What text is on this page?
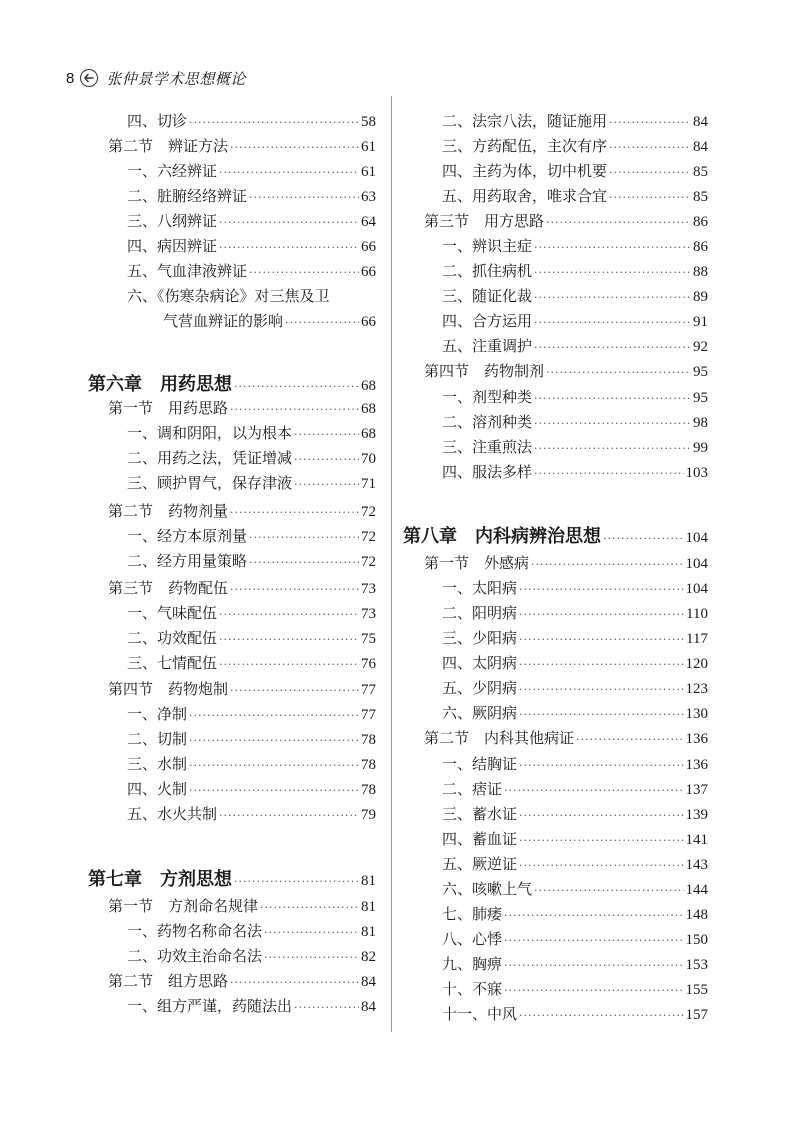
8 张仲景学术思想概论
四、切诊 ·····	58
第二节　辨证方法 ·····	61
一、六经辨证 ·····	61
二、脏腑经络辨证 ·····	63
三、八纲辨证 ·····	64
四、病因辨证 ·····	66
五、气血津液辨证 ·····	66
六、《伤寒杂病论》对三焦及卫
气营血辨证的影响 ·····	66
第六章　用药思想 ·····	68
第一节　用药思路 ·····	68
一、调和阴阳，以为根本 ·····	68
二、用药之法，凭证增减 ·····	70
三、顾护胃气，保存津液 ·····	71
第二节　药物剂量 ·····	72
一、经方本原剂量 ·····	72
二、经方用量策略 ·····	72
第三节　药物配伍 ·····	73
一、气味配伍 ·····	73
二、功效配伍 ·····	75
三、七情配伍 ·····	76
第四节　药物炮制 ·····	77
一、净制 ·····	77
二、切制 ·····	78
三、水制 ·····	78
四、火制 ·····	78
五、水火共制 ·····	79
第七章　方剂思想 ·····	81
第一节　方剂命名规律 ·····	81
一、药物名称命名法 ·····	81
二、功效主治命名法 ·····	82
第二节　组方思路 ·····	84
一、组方严谨，药随法出 ·····	84
二、法宗八法，随证施用 ·····	84
三、方药配伍，主次有序 ·····	84
四、主药为体，切中机要 ·····	85
五、用药取舍，唯求合宜 ·····	85
第三节　用方思路 ·····	86
一、辨识主症 ·····	86
二、抓住病机 ·····	88
三、随证化裁 ·····	89
四、合方运用 ·····	91
五、注重调护 ·····	92
第四节　药物制剂 ·····	95
一、剂型种类 ·····	95
二、溶剂种类 ·····	98
三、注重煎法 ·····	99
四、服法多样 ·····	103
第八章　内科病辨治思想 ·····	104
第一节　外感病 ·····	104
一、太阳病 ·····	104
二、阳明病 ·····	110
三、少阳病 ·····	117
四、太阴病 ·····	120
五、少阴病 ·····	123
六、厥阴病 ·····	130
第二节　内科其他病证 ·····	136
一、结胸证 ·····	136
二、痞证 ·····	137
三、蓄水证 ·····	139
四、蓄血证 ·····	141
五、厥逆证 ·····	143
六、咳嗽上气 ·····	144
七、肺痿 ·····	148
八、心悸 ·····	150
九、胸痹 ·····	153
十、不寐 ·····	155
十一、中风 ·····	157
